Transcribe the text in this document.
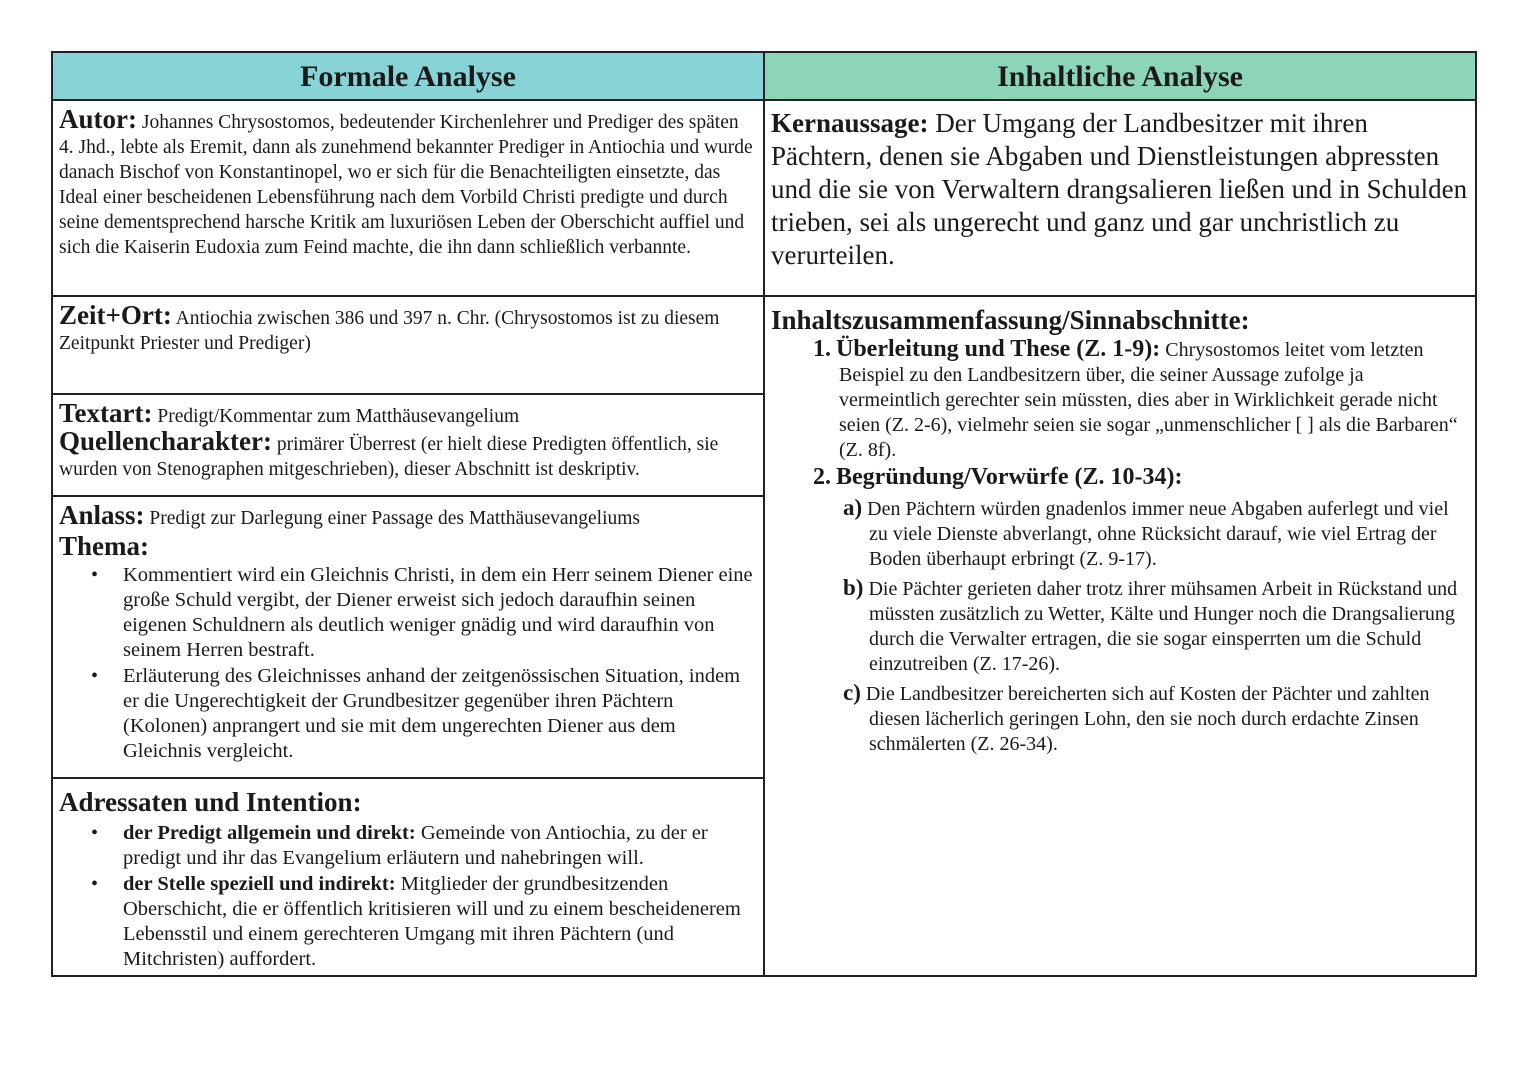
Formale Analyse

Autor: Johannes Chrysostomos, bedeutender Kirchenlehrer und Prediger des späten 4. Jhd., lebte als Eremit, dann als zunehmend bekannter Prediger in Antiochia und wurde danach Bischof von Konstantinopel, wo er sich für die Benachteiligten einsetzte, das Ideal einer bescheidenen Lebensführung nach dem Vorbild Christi predigte und durch seine dementsprechend harsche Kritik am luxuriösen Leben der Oberschicht auffiel und sich die Kaiserin Eudoxia zum Feind machte, die ihn dann schließlich verbannte.

Zeit+Ort: Antiochia zwischen 386 und 397 n. Chr. (Chrysostomos ist zu diesem Zeitpunkt Priester und Prediger)

Textart: Predigt/Kommentar zum Matthäusevangelium

Quellencharakter: primärer Überrest (er hielt diese Predigten öffentlich, sie wurden von Stenographen mitgeschrieben), dieser Abschnitt ist deskriptiv.

Anlass: Predigt zur Darlegung einer Passage des Matthäusevangeliums

Thema:

• Kommentiert wird ein Gleichnis Christi, in dem ein Herr seinem Diener eine große Schuld vergibt, der Diener erweist sich jedoch daraufhin seinen eigenen Schuldnern als deutlich weniger gnädig und wird daraufhin von seinem Herren bestraft.
• Erläuterung des Gleichnisses anhand der zeitgenössischen Situation, indem er die Ungerechtigkeit der Grundbesitzer gegenüber ihren Pächtern (Kolonen) anprangert und sie mit dem ungerechten Diener aus dem Gleichnis vergleicht.

Adressaten und Intention:

• der Predigt allgemein und direkt: Gemeinde von Antiochia, zu der er predigt und ihr das Evangelium erläutern und nahebringen will.
• der Stelle speziell und indirekt: Mitglieder der grundbesitzenden Oberschicht, die er öffentlich kritisieren will und zu einem bescheidenerem Lebensstil und einem gerechteren Umgang mit ihren Pächtern (und Mitchristen) auffordert.
Inhaltliche Analyse

Kernaussage: Der Umgang der Landbesitzer mit ihren Pächtern, denen sie Abgaben und Dienstleistungen abpressten und die sie von Verwaltern drangsalieren ließen und in Schulden trieben, sei als ungerecht und ganz und gar unchristlich zu verurteilen.

Inhaltszusammenfassung/Sinnabschnitte:

1. Überleitung und These (Z. 1-9): Chrysostomos leitet vom letzten Beispiel zu den Landbesitzern über, die seiner Aussage zufolge ja vermeintlich gerechter sein müssten, dies aber in Wirklichkeit gerade nicht seien (Z. 2-6), vielmehr seien sie sogar „unmenschlicher [ ] als die Barbaren“ (Z. 8f).

2. Begründung/Vorwürfe (Z. 10-34):

a) Den Pächtern würden gnadenlos immer neue Abgaben auferlegt und viel zu viele Dienste abverlangt, ohne Rücksicht darauf, wie viel Ertrag der Boden überhaupt erbringt (Z. 9-17).

b) Die Pächter gerieten daher trotz ihrer mühsamen Arbeit in Rückstand und müssten zusätzlich zu Wetter, Kälte und Hunger noch die Drangsalierung durch die Verwalter ertragen, die sie sogar einsperrten um die Schuld einzutreiben (Z. 17-26).

c) Die Landbesitzer bereicherten sich auf Kosten der Pächter und zahlten diesen lächerlich geringen Lohn, den sie noch durch erdachte Zinsen schmälerten (Z. 26-34).
